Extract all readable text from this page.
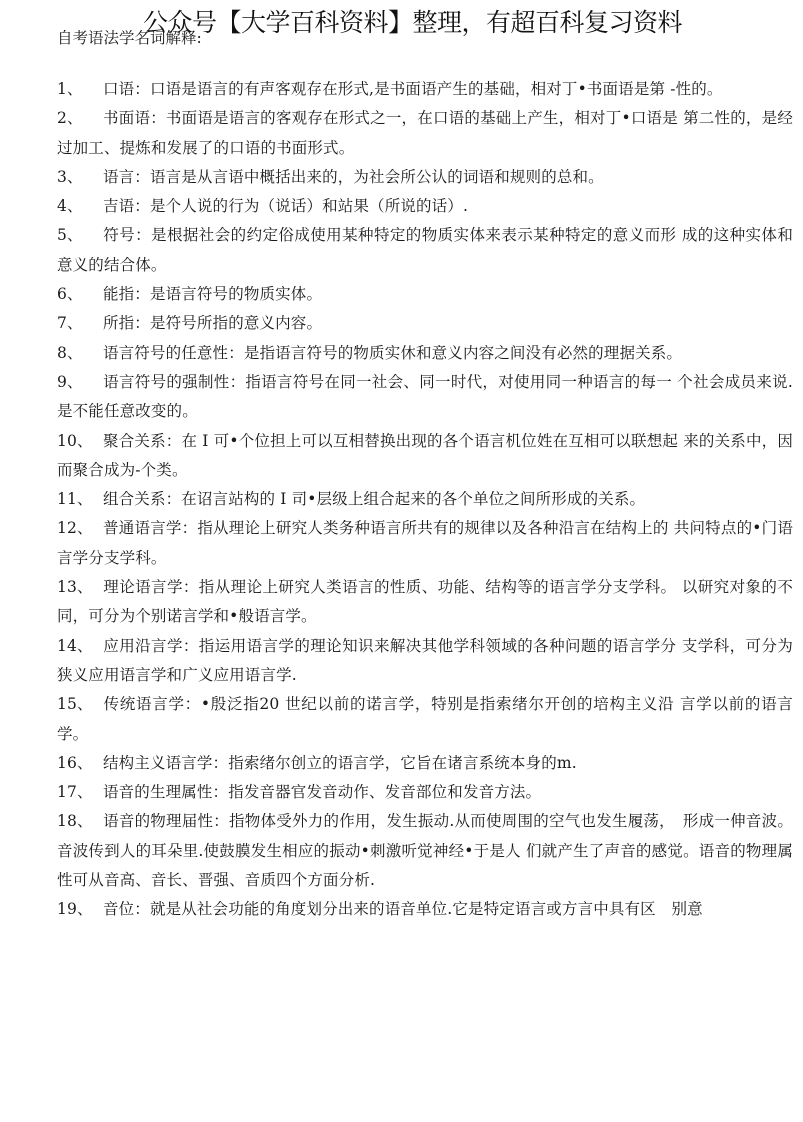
公众号【大学百科资料】整理，有超百科复习资料
自考语法学名词解释:

1、 口语：口语是语言的有声客观存在形式,是书面语产生的基础，相对丁•书面语是第 -性的。

2、 书面语：书面语是语言的客观存在形式之一，在口语的基础上产生，相对丁•口语是 第二性的，是经过加工、提炼和发展了的口语的书面形式。

3、 语言：语言是从言语中概括出来的，为社会所公认的词语和规则的总和。

4、 吉语：是个人说的行为（说话）和站果（所说的话）.

5、 符号：是根据社会的约定俗成使用某种特定的物质实体来表示某种特定的意义而形 成的这种实体和意义的结合体。

6、 能指：是语言符号的物质实体。

7、 所指：是符号所指的意义内容。

8、 语言符号的任意性：是指语言符号的物质实休和意义内容之间没有必然的理据关系。

9、 语言符号的强制性：指语言符号在同一社会、同一时代，对使用同一种语言的每一 个社会成员来说.是不能任意改变的。

10、 聚合关系：在 I 可•个位担上可以互相替换出现的各个语言机位姓在互相可以联想起 来的关系中，因而聚合成为-个类。

11、 组合关系：在诏言站构的 I 司•层级上组合起来的各个单位之间所形成的关系。

12、 普通语言学：指从理论上研究人类务种语言所共有的规律以及各种沿言在结构上的 共问特点的•门语言学分支学科。

13、 理论语言学：指从理论上研究人类语言的性质、功能、结构等的语言学分支学科。 以研究对象的不同，可分为个别诺言学和•般语言学。

14、 应用沿言学：指运用语言学的理论知识来解决其他学科领域的各种问题的语言学分 支学科，可分为狭义应用语言学和广义应用语言学.

15、 传统语言学：•殷泛指20 世纪以前的诺言学，特别是指索绪尔开创的培构主义沿 言学以前的语言学。

16、 结构主义语言学：指索绪尔创立的语言学，它旨在诸言系统本身的m.

17、 语音的生理属性：指发音器官发音动作、发音部位和发音方法。

18、 语音的物理届性：指物体受外力的作用，发生振动.从而使周围的空气也发生履荡，　形成一伸音波。音波传到人的耳朵里.使鼓膜发生相应的振动•刺激听觉神经•于是人 们就产生了声音的感觉。语音的物理属性可从音高、音长、晋强、音质四个方面分析.

19、 音位：就是从社会功能的角度划分出来的语音单位.它是特定语言或方言中具有区　别意
